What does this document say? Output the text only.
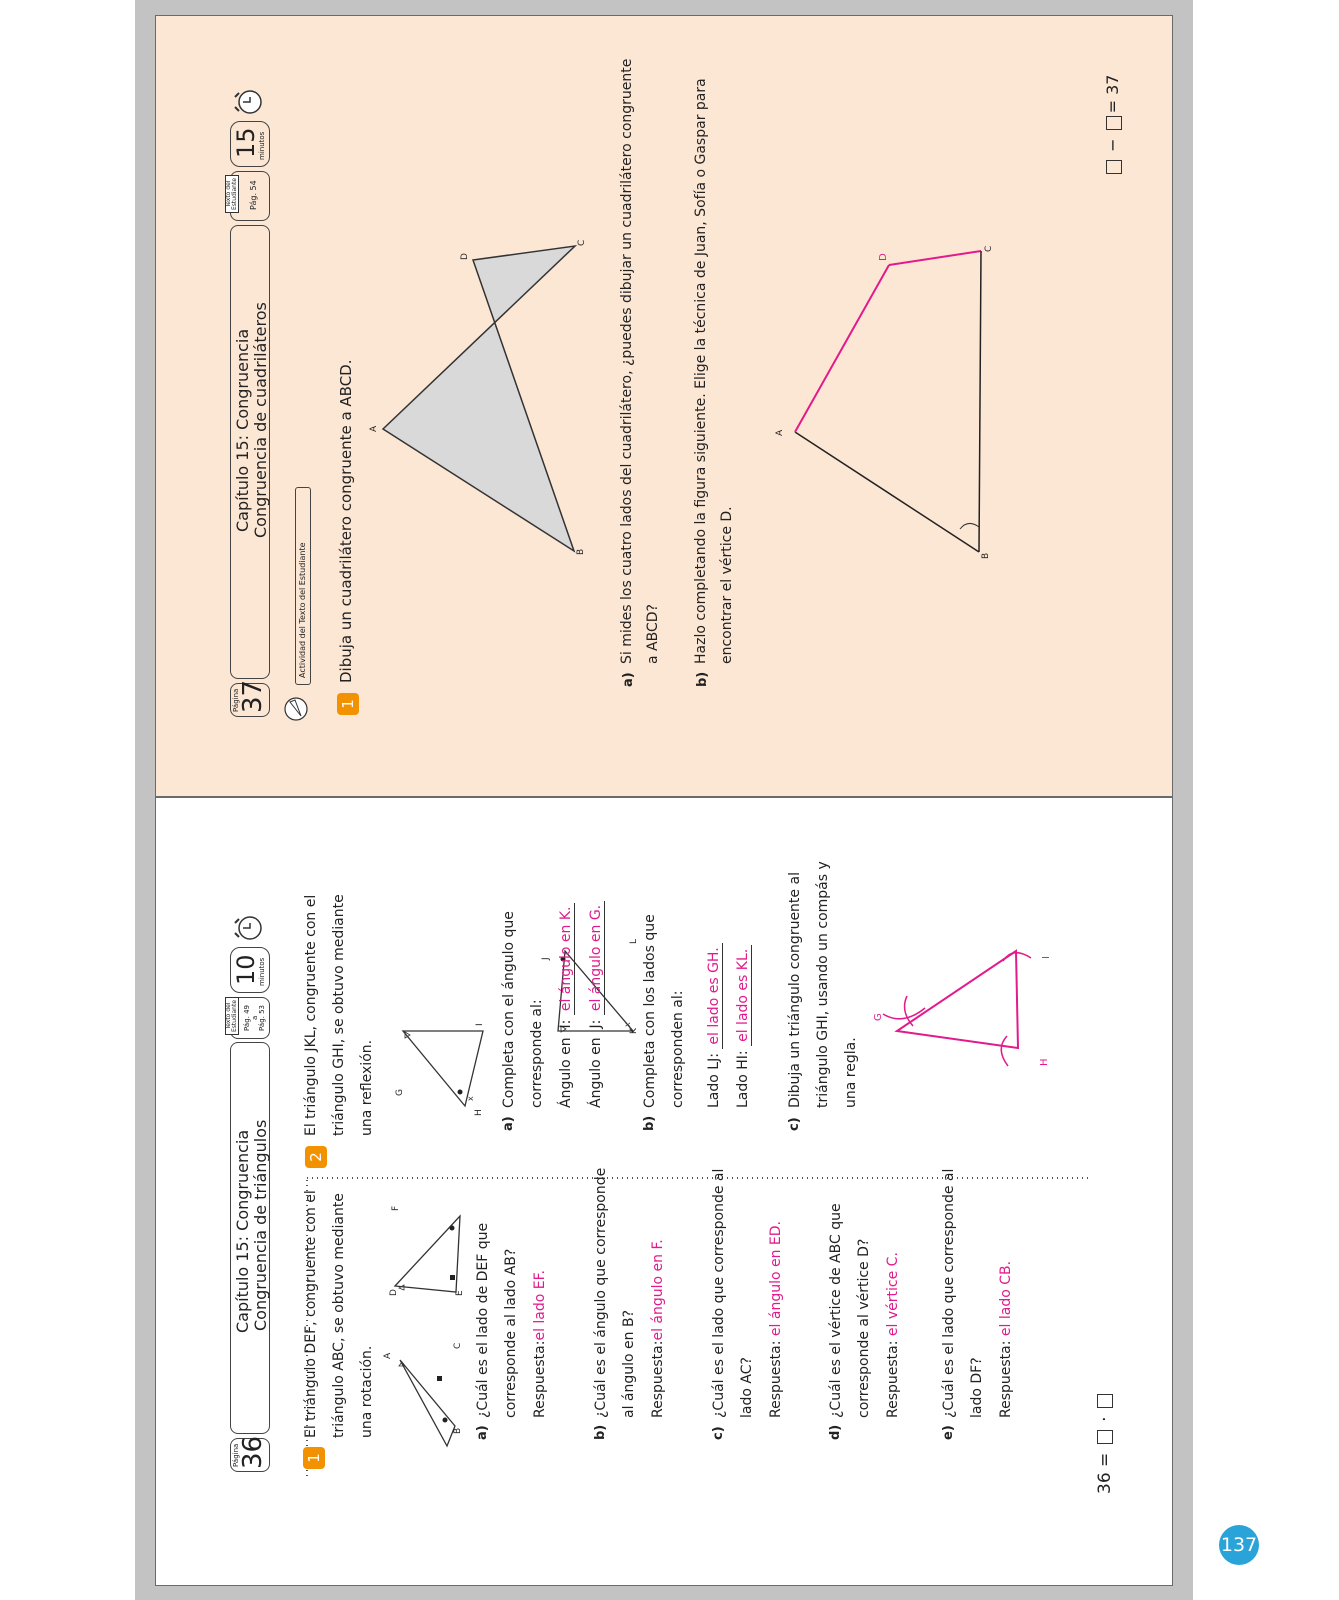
137
Página
37
Capítulo 15: Congruencia Congruencia de cuadriláteros
Texto del Estudiante Pág. 54
15
minutos
Actividad del Texto del Estudiante
1
Dibuja un cuadrilátero congruente a ABCD. A
B
C
D
a)
Si mides los cuatro lados del cuadrilátero, ¿puedes dibujar un cuadrilátero congruente a ABCD?
b)
Hazlo completando la figura siguiente. Elige la técnica de Juan, Sofía o Gaspar para encontrar el vértice D.
A
B
C
D
− = 37
Página
36
Capítulo 15: Congruencia Congruencia de triángulos
Texto del Estudiante Pág. 49 a Pág. 53
10
minutos
1
El triángulo DEF, congruente con el triángulo ABC, se obtuvo mediante una rotación. A
B
C
D	E
F
a)
¿Cuál es el lado de DEF que corresponde al lado AB? Respuesta:el lado EF.
b)
¿Cuál es el ángulo que corresponde al ángulo en B? Respuesta:el ángulo en F.
c)
¿Cuál es el lado que corresponde al lado AC? Respuesta: el ángulo en ED.
d)
¿Cuál es el vértice de ABC que corresponde al vértice D? Respuesta: el vértice C.
e)
¿Cuál es el lado que corresponde al lado DF? Respuesta: el lado CB.
36 =  ·
2
El triángulo JKL, congruente con el triángulo GHI, se obtuvo mediante una reflexión.	x
x
G
H
I
J
K
L
a)
Completa con el ángulo que corresponde al: Ángulo en  I: el ángulo en K.
Ángulo en  J: el ángulo en G.
b)
Completa con los lados que corresponden al: Lado LJ: el lado es GH.
Lado HI: el lado es KL.
c)
Dibuja un triángulo congruente al triángulo GHI, usando un compás y una regla.	H
I
G
